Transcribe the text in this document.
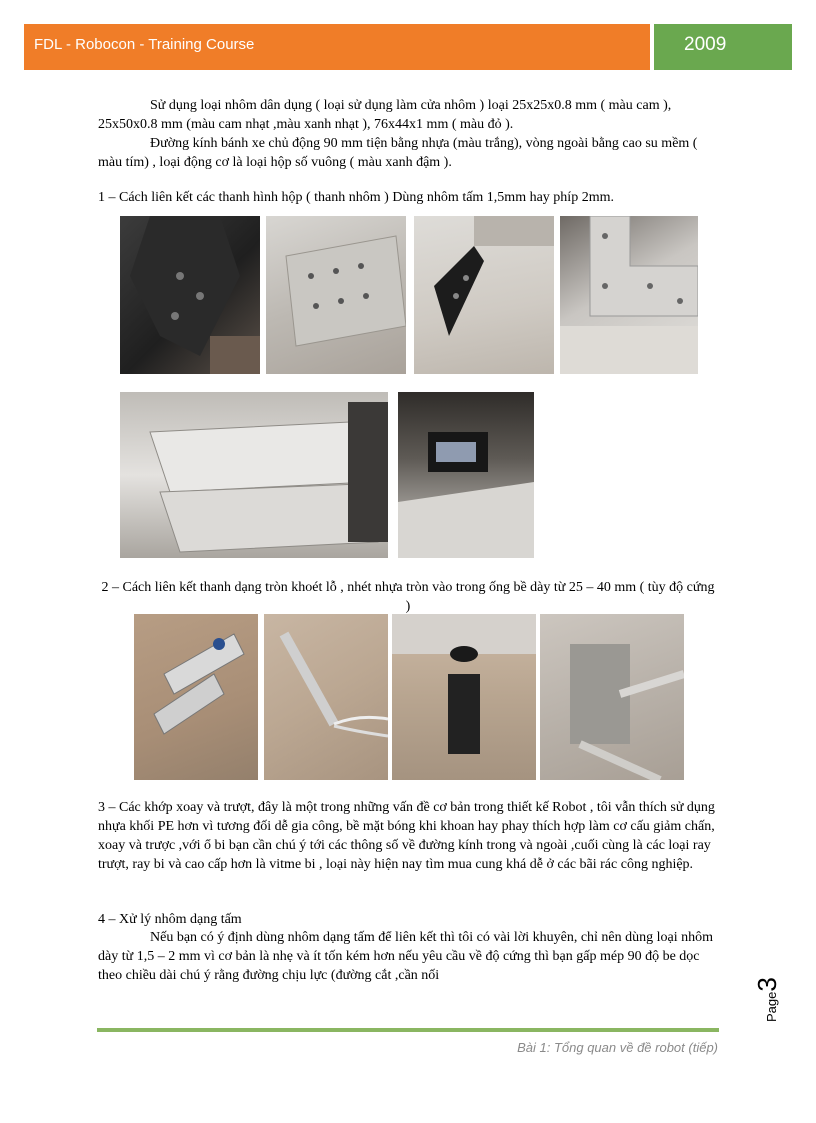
FDL - Robocon - Training Course	2009

Sử dụng loại nhôm dân dụng ( loại sử dụng làm cửa nhôm ) loại 25x25x0.8 mm ( màu cam ), 25x50x0.8 mm (màu cam nhạt ,màu xanh nhạt ), 76x44x1 mm ( màu đỏ ).

Đường kính bánh xe chủ động 90 mm tiện bằng nhựa (màu trắng), vòng ngoài bằng cao su mềm ( màu tím) , loại động cơ là loại hộp số vuông ( màu xanh đậm ).

1 – Cách liên kết các thanh hình hộp ( thanh nhôm ) Dùng nhôm tấm 1,5mm hay phíp 2mm.

2 – Cách liên kết thanh dạng tròn khoét lỗ , nhét nhựa tròn vào trong ống bề dày từ 25 – 40 mm ( tùy độ cứng )

3 – Các khớp xoay và trượt, đây là một trong những vấn đề cơ bản trong thiết kế Robot , tôi vẫn thích sử dụng nhựa khối PE hơn vì tương đối dễ gia công, bề mặt bóng khi khoan hay phay thích hợp làm cơ cấu giảm chấn, xoay và trược ,với ổ bi bạn cần chú ý tới các thông số về đường kính trong và ngoài ,cuối cùng là các loại ray trượt, ray bi và cao cấp hơn là vitme bi , loại này hiện nay tìm mua cung khá dễ ở các bãi rác công nghiệp.

4 – Xử lý nhôm dạng tấm

Nếu bạn có ý định dùng nhôm dạng tấm để liên kết thì tôi có vài lời khuyên, chỉ nên dùng loại nhôm dày từ 1,5 – 2 mm vì cơ bản là nhẹ và ít tốn kém hơn nếu yêu cầu về độ cứng thì bạn gấp mép 90 độ be dọc theo chiều dài chú ý rằng đường chịu lực (đường cắt ,cần nối

Page3
Bài 1: Tổng quan về đề robot (tiếp)
